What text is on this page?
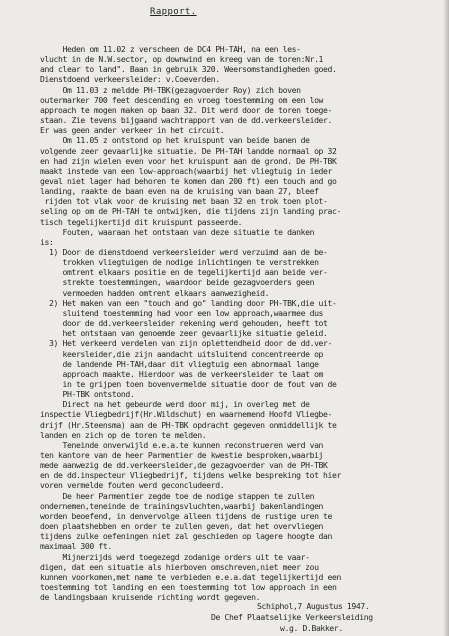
Rapport.

Heden om 11.02 z verscheen de DC4 PH-TAH, na een les-
vlucht in de N.W.sector, op downwind en kreeg van de toren:Nr.1
and clear to land". Baan in gebruik 320. Weersomstandigheden goed.
Dienstdoend verkeersleider: v.Coeverden.
Om 11.03 z meldde PH-TBK(gezagvoerder Roy) zich boven
outermarker 700 feet descending en vroeg toestemming om een low
approach te mogen maken op baan 32. Dit werd door de toren toege-
staan. Zie tevens bijgaand wachtrapport van de dd.verkeersleider.
Er was geen ander verkeer in het circuit.
Om 11.05 z ontstond op het kruispunt van beide banen de
volgende zeer gevaarlijke situatie. De PH-TAH landde normaal op 32
en had zijn wielen even voor het kruispunt aan de grond. De PH-TBK
maakt instede van een low-approach(waarbij het vliegtuig in ieder
geval niet lager had behoren te komen dan 200 ft) een touch and go
landing, raakte de baan even na de kruising van baan 27, bleef
rijden tot vlak voor de kruising met baan 32 en trok toen plot-
seling op om de PH-TAH te ontwijken, die tijdens zijn landing prac-
tisch tegelijkertijd dit kruispunt passeerde.
Fouten, waaraan het ontstaan van deze situatie te danken
is:
1) Door de dienstdoend verkeersleider werd verzuimd aan de be-
trokken vliegtuigen de nodige inlichtingen te verstrekken
omtrent elkaars positie en de tegelijkertijd aan beide ver-
strekte toestemmingen, waardoor beide gezagvoerders geen
vermoeden hadden omtrent elkaars aanwezigheid.
2) Het maken van een "touch and go" landing door PH-TBK,die uit-
sluitend toestemming had voor een low approach,waarmee dus
door de dd.verkeersleider rekening werd gehouden, heeft tot
het ontstaan van genoemde zeer gevaarlijke situatie geleid.
3) Het verkeerd verdelen van zijn oplettendheid door de dd.ver-
keersleider,die zijn aandacht uitsluitend concentreerde op
de landende PH-TAH,daar dit vliegtuig een abnormaal lange
approach maakte. Hierdoor was de verkeersleider te laat om
in te grijpen toen bovenvermelde situatie door de fout van de
PH-TBK ontstond.
Direct na het gebeurde werd door mij, in overleg met de
inspectie Vliegbedrijf(Hr.Wildschut) en waarnemend Hoofd Vliegbe-
drijf (Hr.Steensma) aan de PH-TBK opdracht gegeven onmiddellijk te
landen en zich op de toren te melden.
Teneinde onverwijld e.e.a.te kunnen reconstrueren werd van
ten kantore van de heer Parmentier de kwestie besproken,waarbij
mede aanwezig de dd.verkeersleider,de gezagvoerder van de PH-TBK
en de dd.inspecteur Vliegbedrijf, tijdens welke bespreking tot hier
voren vermelde fouten werd geconcludeerd.
De heer Parmentier zegde toe de nodige stappen te zullen
ondernemen,teneinde de trainingsvluchten,waarbij bakenlandingen
worden beoefend, in denvervolge alleen tijdens de rustige uren te
doen plaatshebben en order te zullen geven, dat het overvliegen
tijdens zulke oefeningen niet zal geschieden op lagere hoogte dan
maximaal 300 ft.
Mijnerzijds werd toegezegd zodanige orders uit te vaar-
digen, dat een situatie als hierboven omschreven,niet meer zou
kunnen voorkomen,met name te verbieden e.e.a.dat tegelijkertijd een
toestemming tot landing en een toestemming tot low approach in een
de landingsbaan kruisende richting wordt gegeven.

Schiphol,7 Augustus 1947.

De Chef Plaatselijke Verkeersleiding

w.g. D.Bakker.
